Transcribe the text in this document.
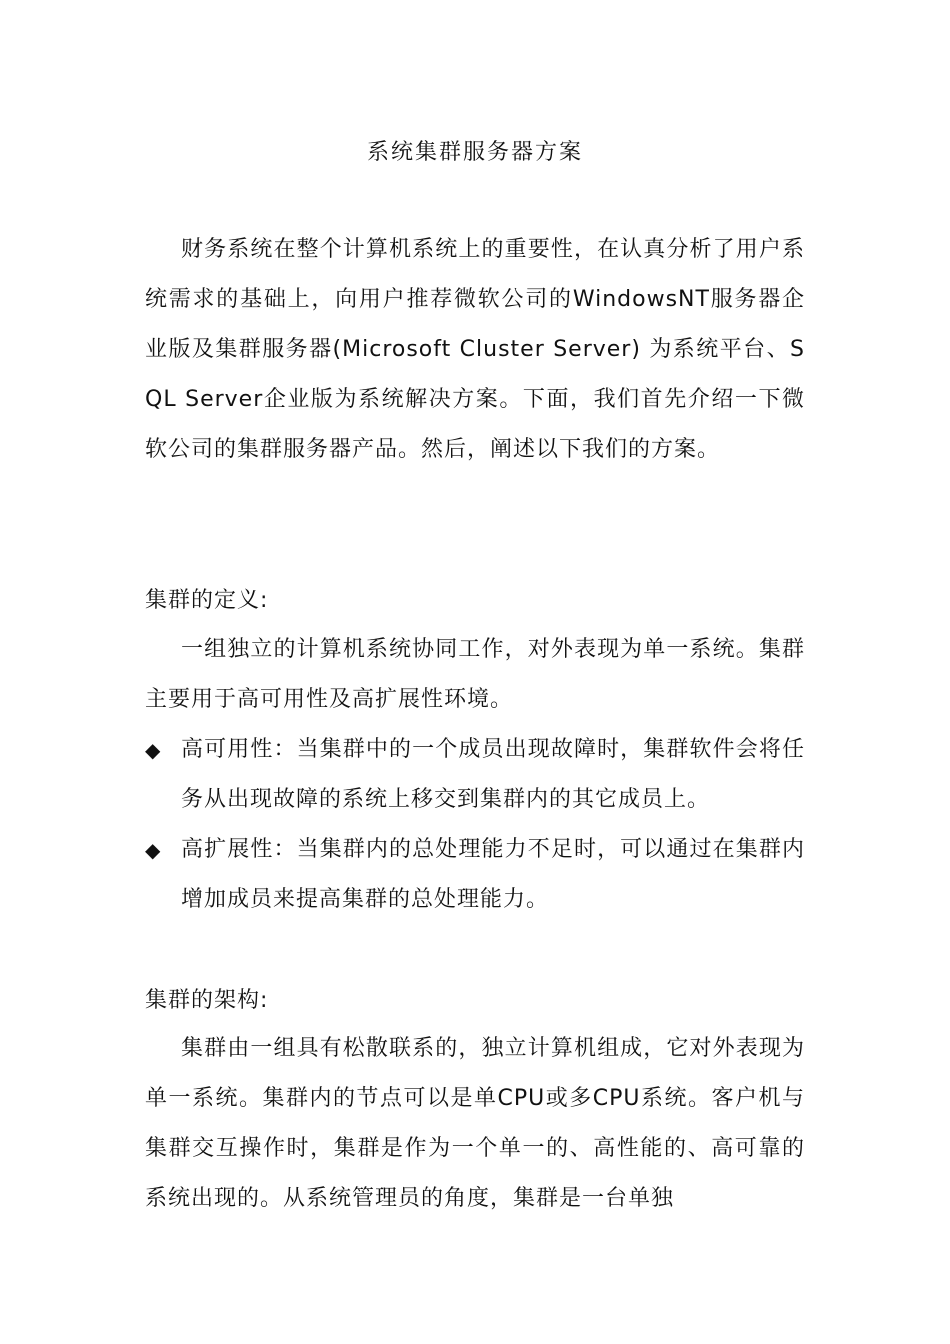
系统集群服务器方案

财务系统在整个计算机系统上的重要性，在认真分析了用户系统需求的基础上，向用户推荐微软公司的WindowsNT服务器企业版及集群服务器(Microsoft Cluster Server) 为系统平台、SQL Server企业版为系统解决方案。下面，我们首先介绍一下微软公司的集群服务器产品。然后，阐述以下我们的方案。

集群的定义:

一组独立的计算机系统协同工作，对外表现为单一系统。集群主要用于高可用性及高扩展性环境。

◆ 高可用性：当集群中的一个成员出现故障时，集群软件会将任务从出现故障的系统上移交到集群内的其它成员上。
◆ 高扩展性：当集群内的总处理能力不足时，可以通过在集群内增加成员来提高集群的总处理能力。
集群的架构:

集群由一组具有松散联系的，独立计算机组成，它对外表现为单一系统。集群内的节点可以是单CPU或多CPU系统。客户机与集群交互操作时，集群是作为一个单一的、高性能的、高可靠的系统出现的。从系统管理员的角度，集群是一台单独
